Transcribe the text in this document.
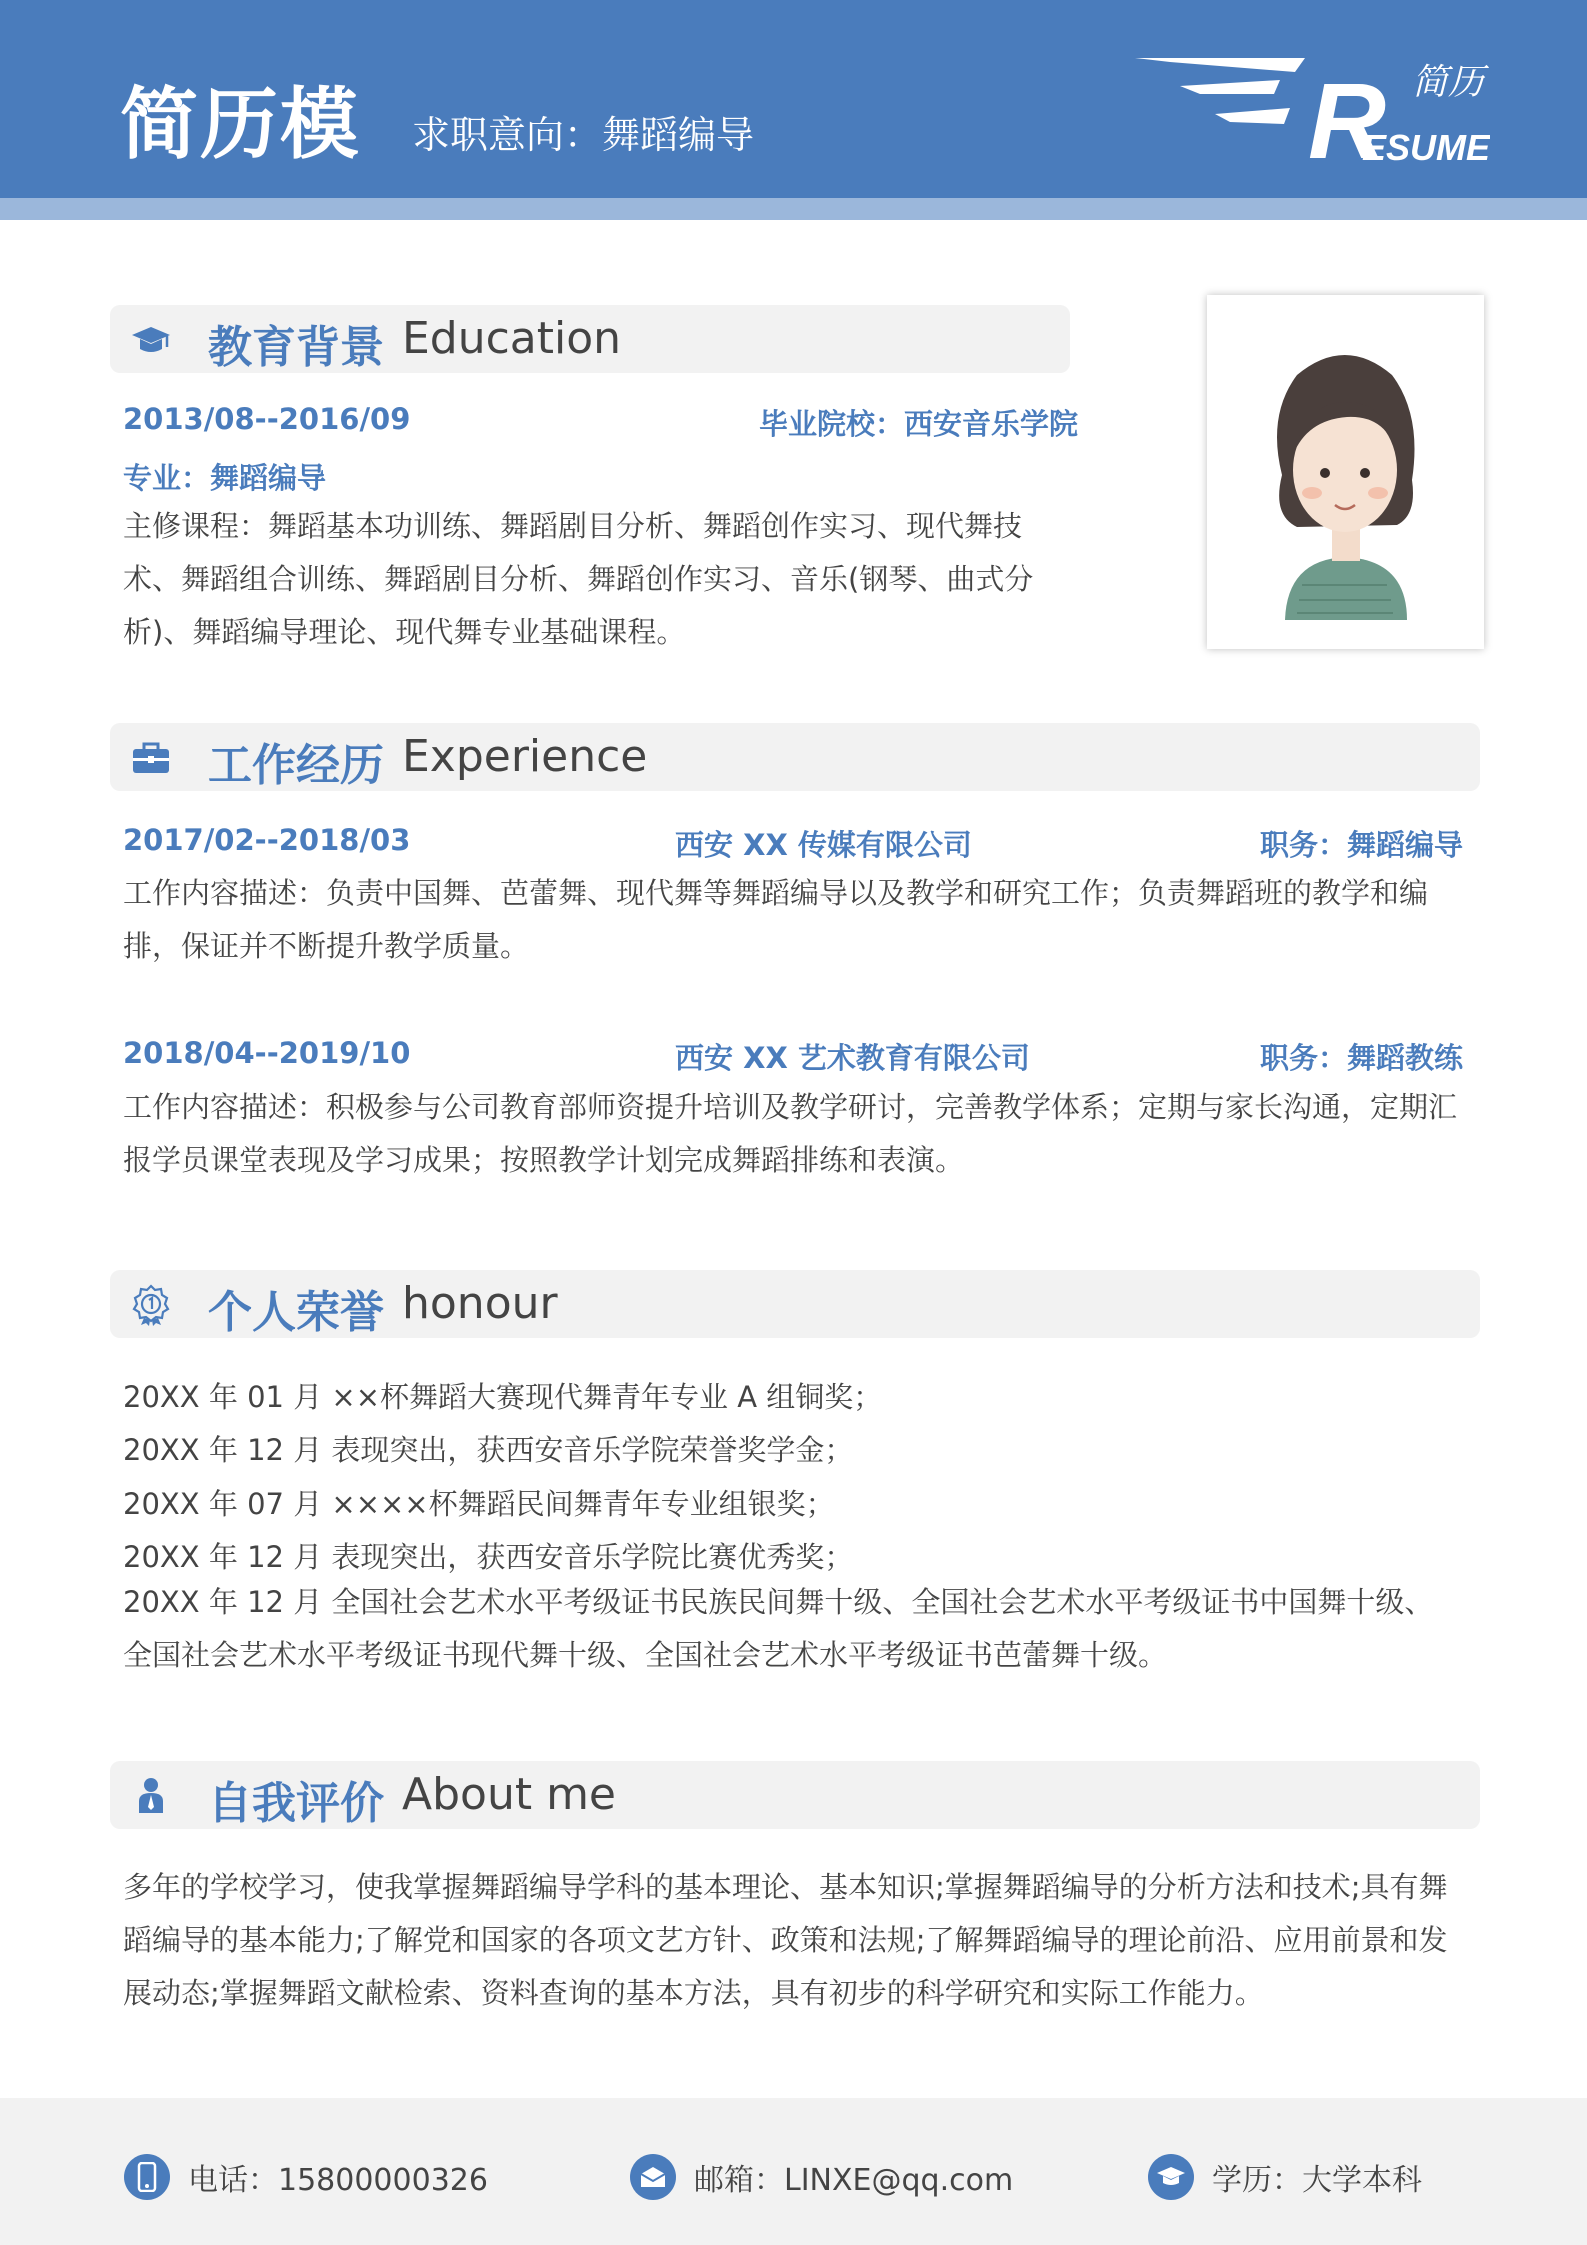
简历模 求职意向：舞蹈编导	R
ESUME
简历
教育背景 Education
2013/08--2016/09	毕业院校：西安音乐学院
专业：舞蹈编导
主修课程：舞蹈基本功训练、舞蹈剧目分析、舞蹈创作实习、现代舞技术、舞蹈组合训练、舞蹈剧目分析、舞蹈创作实习、音乐(钢琴、曲式分析)、舞蹈编导理论、现代舞专业基础课程。
工作经历 Experience
2017/02--2018/03	西安 XX 传媒有限公司	职务：舞蹈编导
工作内容描述：负责中国舞、芭蕾舞、现代舞等舞蹈编导以及教学和研究工作；负责舞蹈班的教学和编排，保证并不断提升教学质量。
2018/04--2019/10	西安 XX 艺术教育有限公司	职务：舞蹈教练
工作内容描述：积极参与公司教育部师资提升培训及教学研讨，完善教学体系；定期与家长沟通，定期汇报学员课堂表现及学习成果；按照教学计划完成舞蹈排练和表演。
个人荣誉 honour
20XX 年 01 月 ××杯舞蹈大赛现代舞青年专业 A 组铜奖；
20XX 年 12 月 表现突出，获西安音乐学院荣誉奖学金；
20XX 年 07 月 ××××杯舞蹈民间舞青年专业组银奖；
20XX 年 12 月 表现突出，获西安音乐学院比赛优秀奖；
20XX 年 12 月 全国社会艺术水平考级证书民族民间舞十级、全国社会艺术水平考级证书中国舞十级、全国社会艺术水平考级证书现代舞十级、全国社会艺术水平考级证书芭蕾舞十级。
自我评价 About me
多年的学校学习，使我掌握舞蹈编导学科的基本理论、基本知识;掌握舞蹈编导的分析方法和技术;具有舞蹈编导的基本能力;了解党和国家的各项文艺方针、政策和法规;了解舞蹈编导的理论前沿、应用前景和发展动态;掌握舞蹈文献检索、资料查询的基本方法，具有初步的科学研究和实际工作能力。
电话：15800000326	邮箱：LINXE@qq.com	学历：大学本科
